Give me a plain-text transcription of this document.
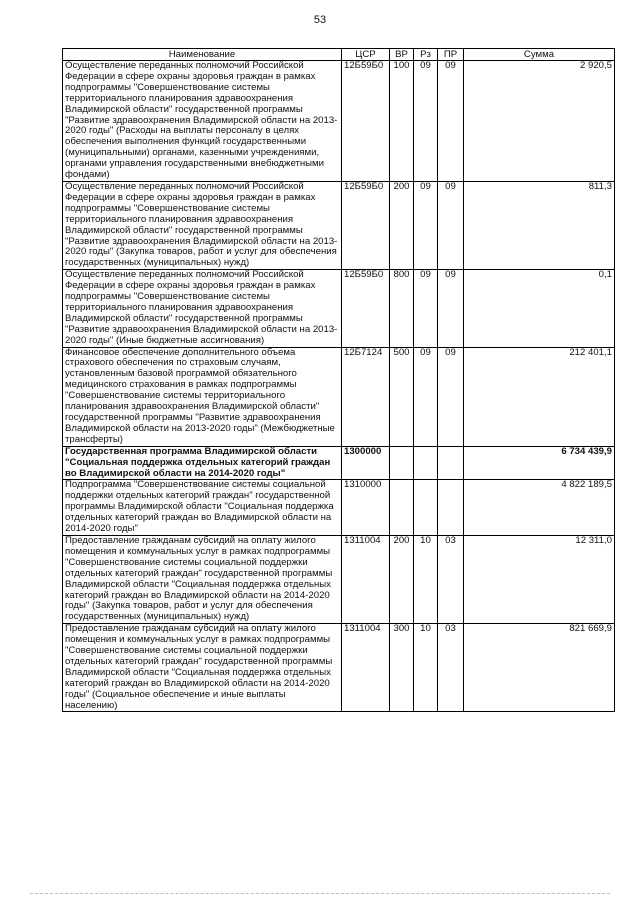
53
Наименование	ЦСР	ВР	Рз	ПР	Сумма
Осуществление переданных полномочий Российской Федерации в сфере охраны здоровья граждан в рамках подпрограммы "Совершенствование системы территориального планирования здравоохранения Владимирской области" государственной программы "Развитие здравоохранения Владимирской области на 2013-2020 годы" (Расходы на выплаты персоналу в целях обеспечения выполнения функций государственными (муниципальными) органами, казенными учреждениями, органами управления государственными внебюджетными фондами)	12Б59Б0	100	09	09	2 920,5
Осуществление переданных полномочий Российской Федерации в сфере охраны здоровья граждан в рамках подпрограммы "Совершенствование системы территориального планирования здравоохранения Владимирской области" государственной программы "Развитие здравоохранения Владимирской области на 2013-2020 годы" (Закупка товаров, работ и услуг для обеспечения государственных (муниципальных) нужд)	12Б59Б0	200	09	09	811,3
Осуществление переданных полномочий Российской Федерации в сфере охраны здоровья граждан в рамках подпрограммы "Совершенствование системы территориального планирования здравоохранения Владимирской области" государственной программы "Развитие здравоохранения Владимирской области на 2013-2020 годы" (Иные бюджетные ассигнования)	12Б59Б0	800	09	09	0,1
Финансовое обеспечение дополнительного объема страхового обеспечения по страховым случаям, установленным базовой программой обязательного медицинского страхования в рамках подпрограммы "Совершенствование системы территориального планирования здравоохранения Владимирской области" государственной программы "Развитие здравоохранения Владимирской области на 2013-2020 годы" (Межбюджетные трансферты)	12Б7124	500	09	09	212 401,1
Государственная программа Владимирской области "Социальная поддержка отдельных категорий граждан во Владимирской области на 2014-2020 годы"	1300000				6 734 439,9
Подпрограмма "Совершенствование системы социальной поддержки отдельных категорий граждан" государственной программы Владимирской области "Социальная поддержка отдельных категорий граждан во Владимирской области на 2014-2020 годы"	1310000				4 822 189,5
Предоставление гражданам субсидий на оплату жилого помещения и коммунальных услуг в рамках подпрограммы "Совершенствование системы социальной поддержки отдельных категорий граждан" государственной программы Владимирской области "Социальная поддержка отдельных категорий граждан во Владимирской области на 2014-2020 годы" (Закупка товаров, работ и услуг для обеспечения государственных (муниципальных) нужд)	1311004	200	10	03	12 311,0
Предоставление гражданам субсидий на оплату жилого помещения и коммунальных услуг в рамках подпрограммы "Совершенствование системы социальной поддержки отдельных категорий граждан" государственной программы Владимирской области "Социальная поддержка отдельных категорий граждан во Владимирской области на 2014-2020 годы" (Социальное обеспечение и иные выплаты населению)	1311004	300	10	03	821 669,9
